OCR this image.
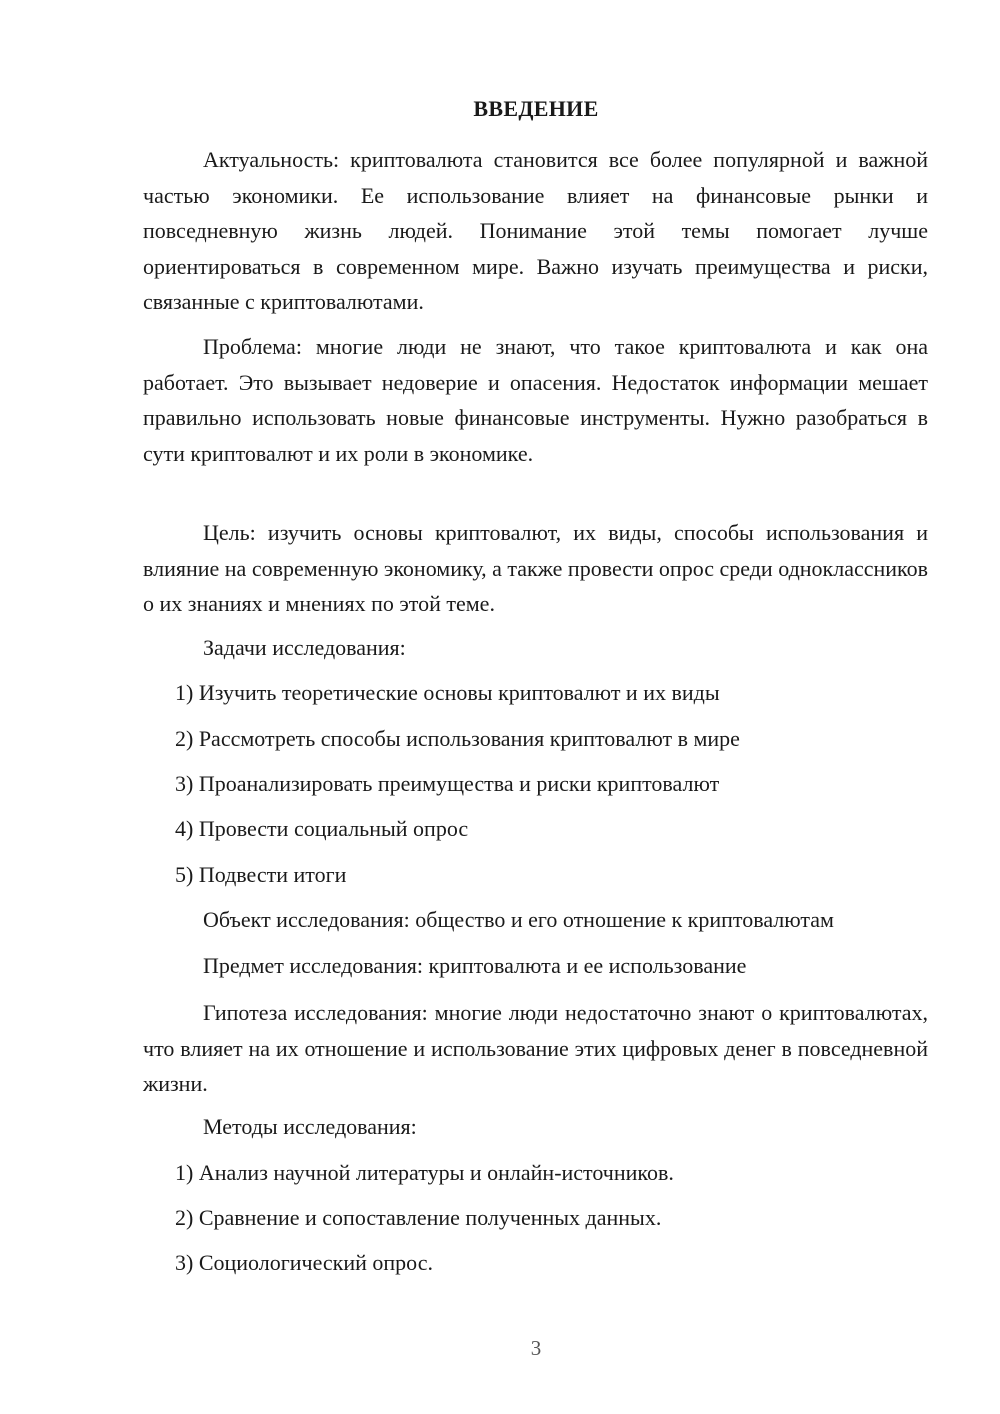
ВВЕДЕНИЕ

Актуальность: криптовалюта становится все более популярной и важной частью экономики. Ее использование влияет на финансовые рынки и повседневную жизнь людей. Понимание этой темы помогает лучше ориентироваться в современном мире. Важно изучать преимущества и риски, связанные с криптовалютами.

Проблема: многие люди не знают, что такое криптовалюта и как она работает. Это вызывает недоверие и опасения. Недостаток информации мешает правильно использовать новые финансовые инструменты. Нужно разобраться в сути криптовалют и их роли в экономике.

Цель: изучить основы криптовалют, их виды, способы использования и влияние на современную экономику, а также провести опрос среди одноклассников о их знаниях и мнениях по этой теме.

Задачи исследования:
1) Изучить теоретические основы криптовалют и их виды
2) Рассмотреть способы использования криптовалют в мире
3) Проанализировать преимущества и риски криптовалют
4) Провести социальный опрос
5) Подвести итоги
Объект исследования: общество и его отношение к криптовалютам
Предмет исследования: криптовалюта и ее использование

Гипотеза исследования: многие люди недостаточно знают о криптовалютах, что влияет на их отношение и использование этих цифровых денег в повседневной жизни.

Методы исследования:
1) Анализ научной литературы и онлайн-источников.
2) Сравнение и сопоставление полученных данных.
3) Социологический опрос.
3
